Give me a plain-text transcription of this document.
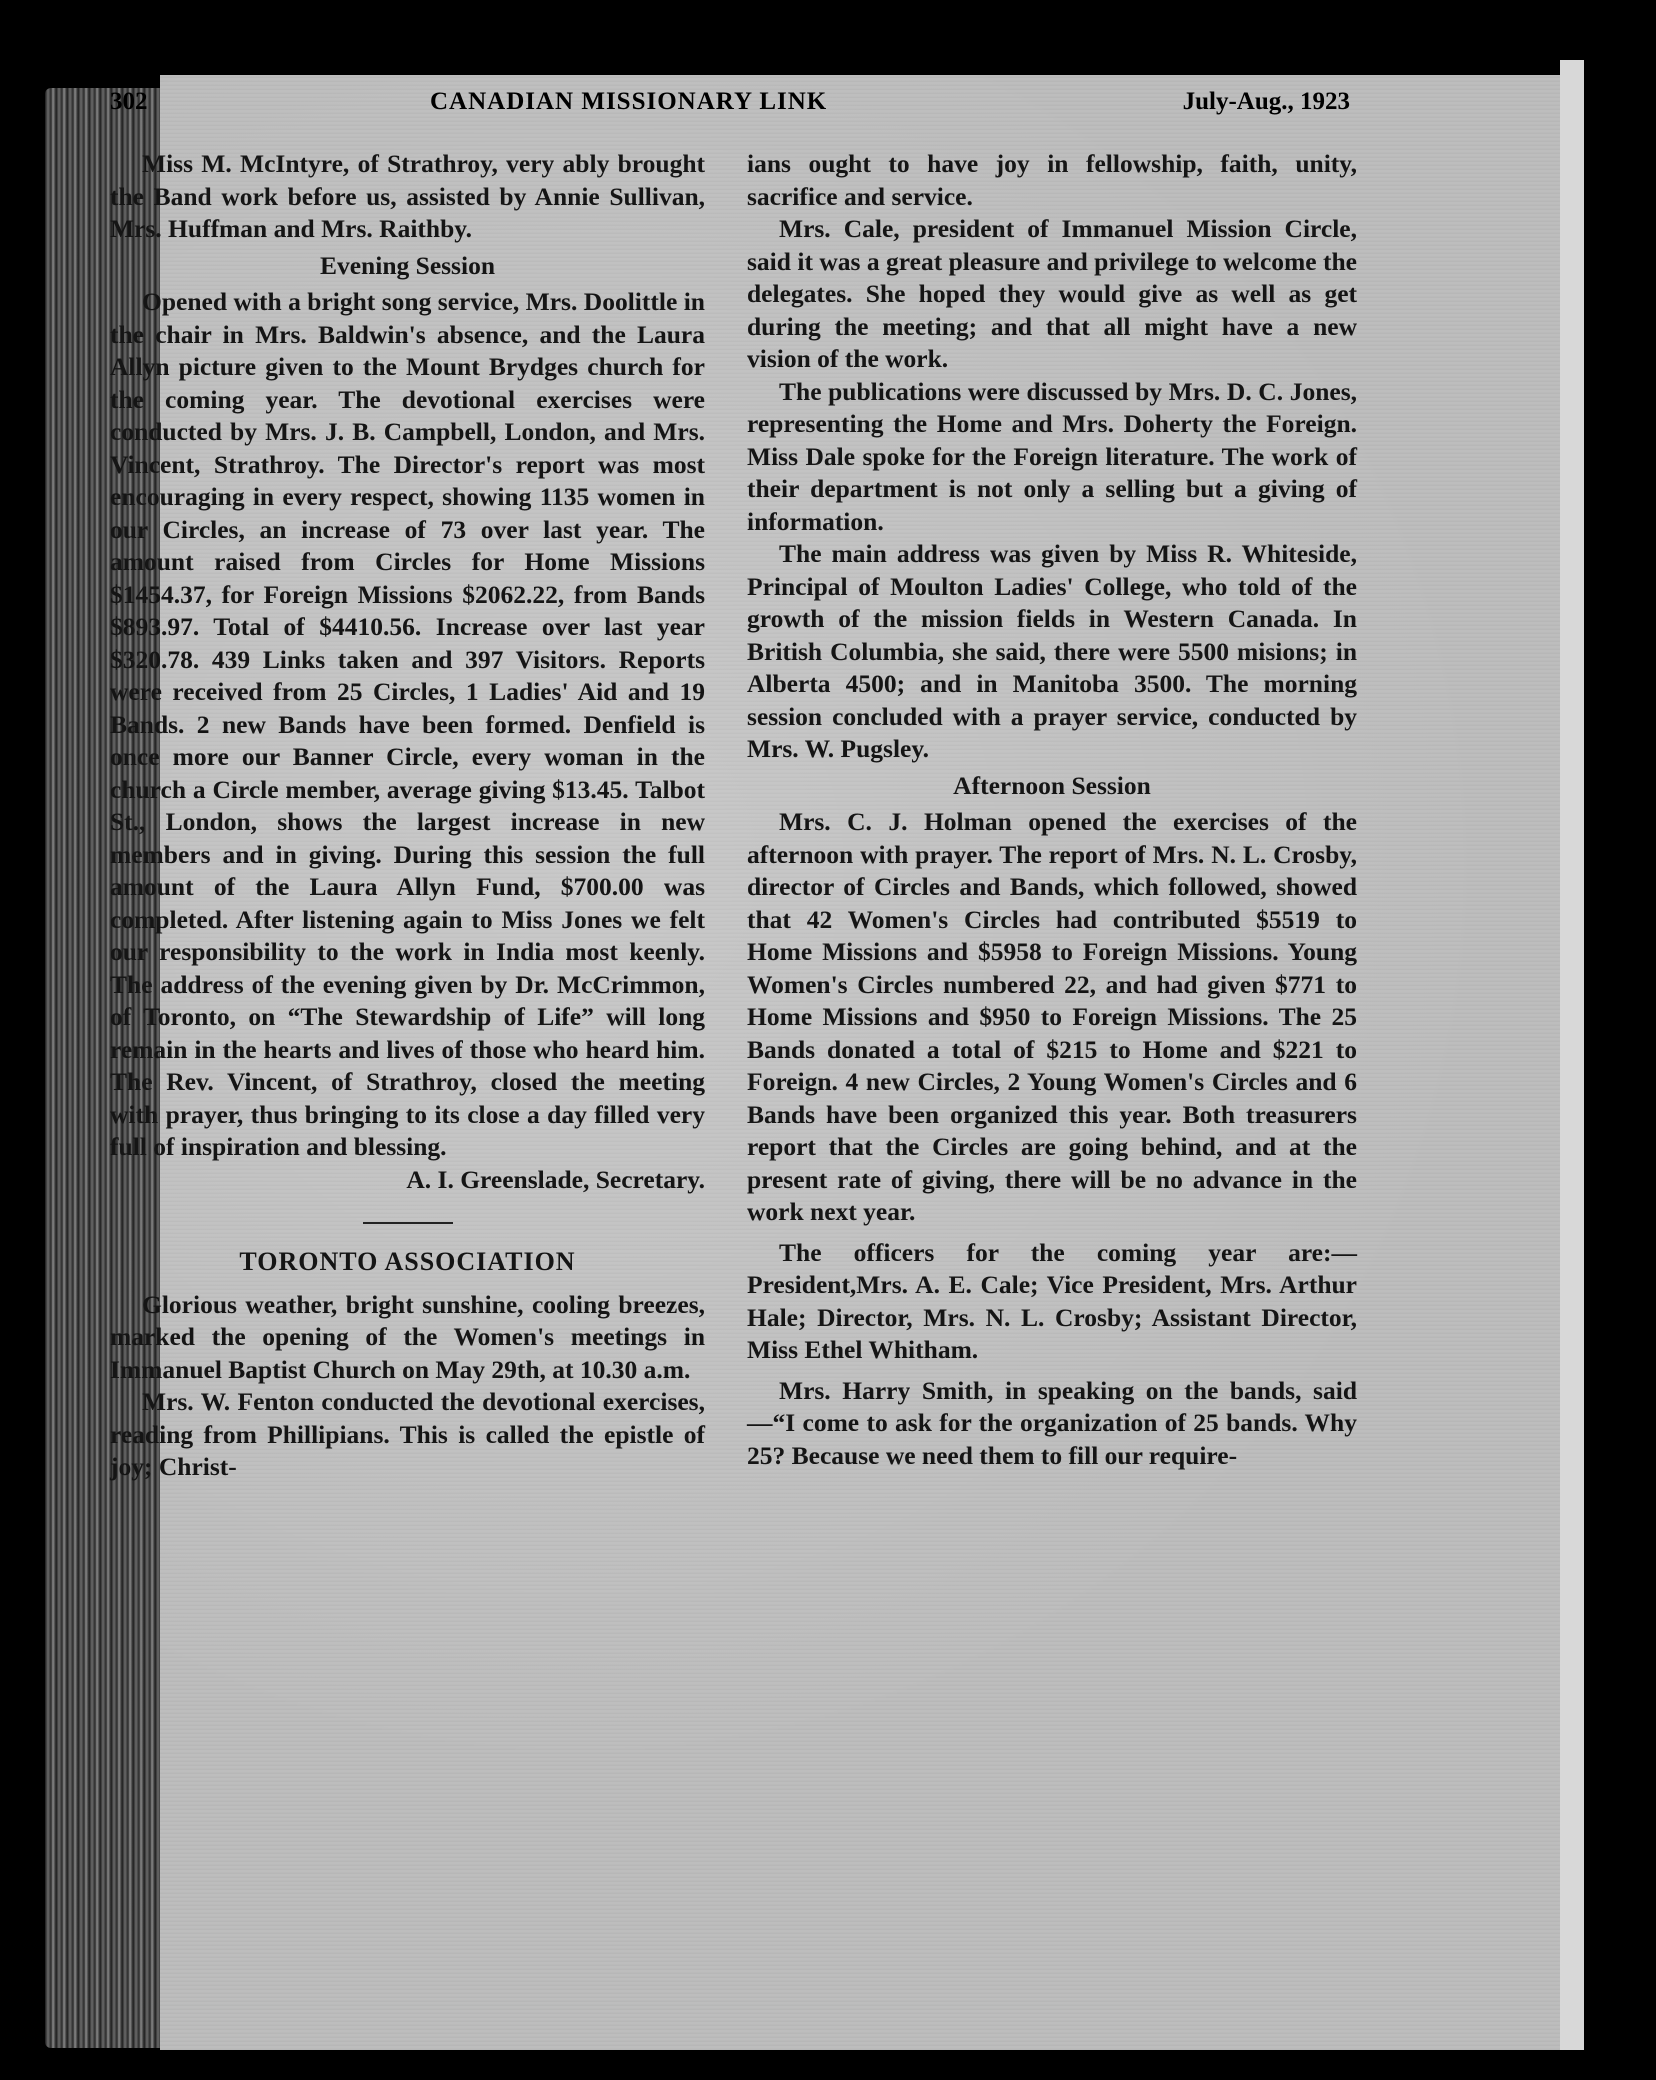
302	CANADIAN MISSIONARY LINK	July-Aug., 1923

Miss M. McIntyre, of Strathroy, very ably brought the Band work before us, assisted by Annie Sullivan, Mrs. Huffman and Mrs. Raithby.

Evening Session

Opened with a bright song service, Mrs. Doolittle in the chair in Mrs. Baldwin's absence, and the Laura Allyn picture given to the Mount Brydges church for the coming year. The devotional exercises were conducted by Mrs. J. B. Campbell, London, and Mrs. Vincent, Strathroy. The Director's report was most encouraging in every respect, showing 1135 women in our Circles, an increase of 73 over last year. The amount raised from Circles for Home Missions $1454.37, for Foreign Missions $2062.22, from Bands $893.97. Total of $4410.56. Increase over last year $320.78. 439 Links taken and 397 Visitors. Reports were received from 25 Circles, 1 Ladies' Aid and 19 Bands. 2 new Bands have been formed. Denfield is once more our Banner Circle, every woman in the church a Circle member, average giving $13.45. Talbot St., London, shows the largest increase in new members and in giving. During this session the full amount of the Laura Allyn Fund, $700.00 was completed. After listening again to Miss Jones we felt our responsibility to the work in India most keenly. The address of the evening given by Dr. McCrimmon, of Toronto, on “The Stewardship of Life” will long remain in the hearts and lives of those who heard him. The Rev. Vincent, of Strathroy, closed the meeting with prayer, thus bringing to its close a day filled very full of inspiration and blessing.

A. I. Greenslade, Secretary.

TORONTO ASSOCIATION

Glorious weather, bright sunshine, cooling breezes, marked the opening of the Women's meetings in Immanuel Baptist Church on May 29th, at 10.30 a.m.

Mrs. W. Fenton conducted the devotional exercises, reading from Phillipians. This is called the epistle of joy; Christ-

ians ought to have joy in fellowship, faith, unity, sacrifice and service.

Mrs. Cale, president of Immanuel Mission Circle, said it was a great pleasure and privilege to welcome the delegates. She hoped they would give as well as get during the meeting; and that all might have a new vision of the work.

The publications were discussed by Mrs. D. C. Jones, representing the Home and Mrs. Doherty the Foreign. Miss Dale spoke for the Foreign literature. The work of their department is not only a selling but a giving of information.

The main address was given by Miss R. Whiteside, Principal of Moulton Ladies' College, who told of the growth of the mission fields in Western Canada. In British Columbia, she said, there were 5500 misions; in Alberta 4500; and in Manitoba 3500. The morning session concluded with a prayer service, conducted by Mrs. W. Pugsley.

Afternoon Session

Mrs. C. J. Holman opened the exercises of the afternoon with prayer. The report of Mrs. N. L. Crosby, director of Circles and Bands, which followed, showed that 42 Women's Circles had contributed $5519 to Home Missions and $5958 to Foreign Missions. Young Women's Circles numbered 22, and had given $771 to Home Missions and $950 to Foreign Missions. The 25 Bands donated a total of $215 to Home and $221 to Foreign. 4 new Circles, 2 Young Women's Circles and 6 Bands have been organized this year. Both treasurers report that the Circles are going behind, and at the present rate of giving, there will be no advance in the work next year.

The officers for the coming year are:— President,Mrs. A. E. Cale; Vice President, Mrs. Arthur Hale; Director, Mrs. N. L. Crosby; Assistant Director, Miss Ethel Whitham.

Mrs. Harry Smith, in speaking on the bands, said—“I come to ask for the organization of 25 bands. Why 25? Because we need them to fill our require-
